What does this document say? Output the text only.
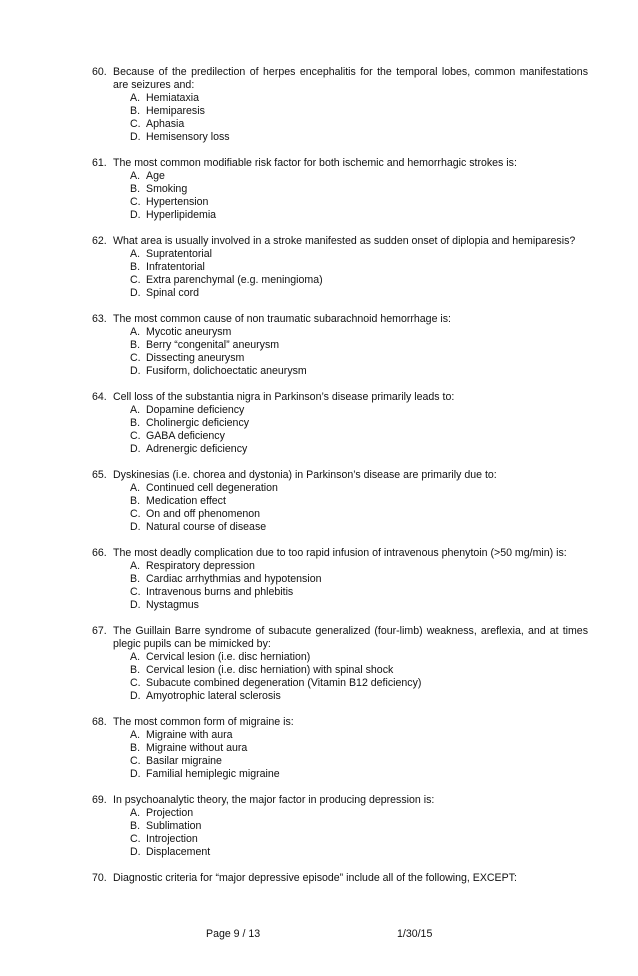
60. Because of the predilection of herpes encephalitis for the temporal lobes, common manifestations are seizures and:
A. Hemiataxia
B. Hemiparesis
C. Aphasia
D. Hemisensory loss
61. The most common modifiable risk factor for both ischemic and hemorrhagic strokes is:
A. Age
B. Smoking
C. Hypertension
D. Hyperlipidemia
62. What area is usually involved in a stroke manifested as sudden onset of diplopia and hemiparesis?
A. Supratentorial
B. Infratentorial
C. Extra parenchymal (e.g. meningioma)
D. Spinal cord
63. The most common cause of non traumatic subarachnoid hemorrhage is:
A. Mycotic aneurysm
B. Berry “congenital” aneurysm
C. Dissecting aneurysm
D. Fusiform, dolichoectatic aneurysm
64. Cell loss of the substantia nigra in Parkinson’s disease primarily leads to:
A. Dopamine deficiency
B. Cholinergic deficiency
C. GABA deficiency
D. Adrenergic deficiency
65. Dyskinesias (i.e. chorea and dystonia) in Parkinson’s disease are primarily due to:
A. Continued cell degeneration
B. Medication effect
C. On and off phenomenon
D. Natural course of disease
66. The most deadly complication due to too rapid infusion of intravenous phenytoin (>50 mg/min) is:
A. Respiratory depression
B. Cardiac arrhythmias and hypotension
C. Intravenous burns and phlebitis
D. Nystagmus
67. The Guillain Barre syndrome of subacute generalized (four-limb) weakness, areflexia, and at times plegic pupils can be mimicked by:
A. Cervical lesion (i.e. disc herniation)
B. Cervical lesion (i.e. disc herniation) with spinal shock
C. Subacute combined degeneration (Vitamin B12 deficiency)
D. Amyotrophic lateral sclerosis
68. The most common form of migraine is:
A. Migraine with aura
B. Migraine without aura
C. Basilar migraine
D. Familial hemiplegic migraine
69. In psychoanalytic theory, the major factor in producing depression is:
A. Projection
B. Sublimation
C. Introjection
D. Displacement
70. Diagnostic criteria for “major depressive episode” include all of the following, EXCEPT:
Page 9 / 13	1/30/15
